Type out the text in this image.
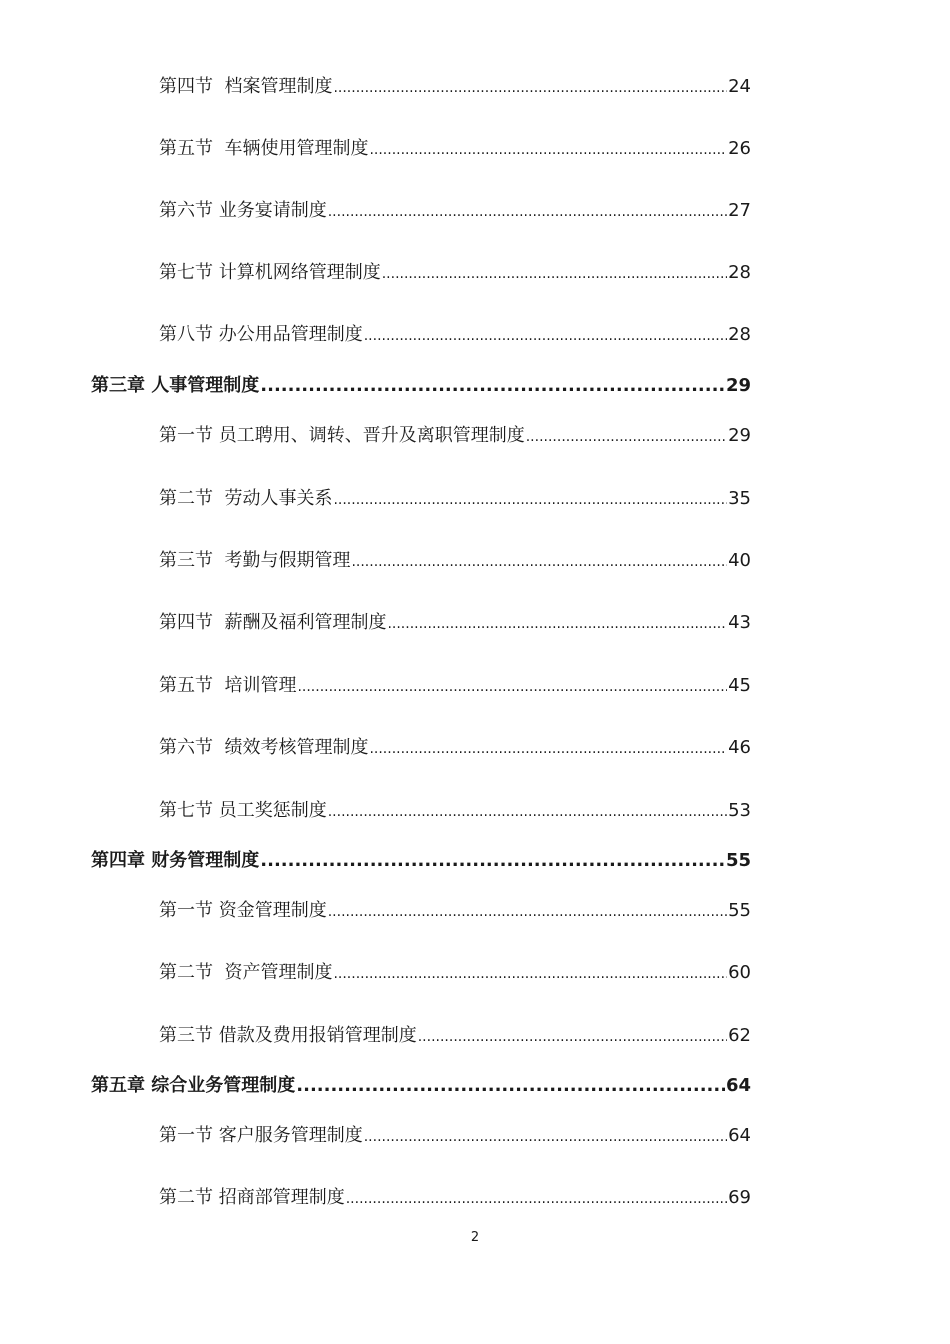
第四节  档案管理制度 .....	24
第五节  车辆使用管理制度 .....	26
第六节 业务宴请制度 .....	27
第七节 计算机网络管理制度 .....	28
第八节 办公用品管理制度 .....	28
第三章 人事管理制度 .....	29
第一节 员工聘用、调转、晋升及离职管理制度 .....	29
第二节  劳动人事关系 .....	35
第三节  考勤与假期管理 .....	40
第四节  薪酬及福利管理制度 .....	43
第五节  培训管理 .....	45
第六节  绩效考核管理制度 .....	46
第七节 员工奖惩制度 .....	53
第四章 财务管理制度 .....	55
第一节 资金管理制度 .....	55
第二节  资产管理制度 .....	60
第三节 借款及费用报销管理制度 .....	62
第五章 综合业务管理制度 .....	64
第一节 客户服务管理制度 .....	64
第二节 招商部管理制度 .....	69
2
